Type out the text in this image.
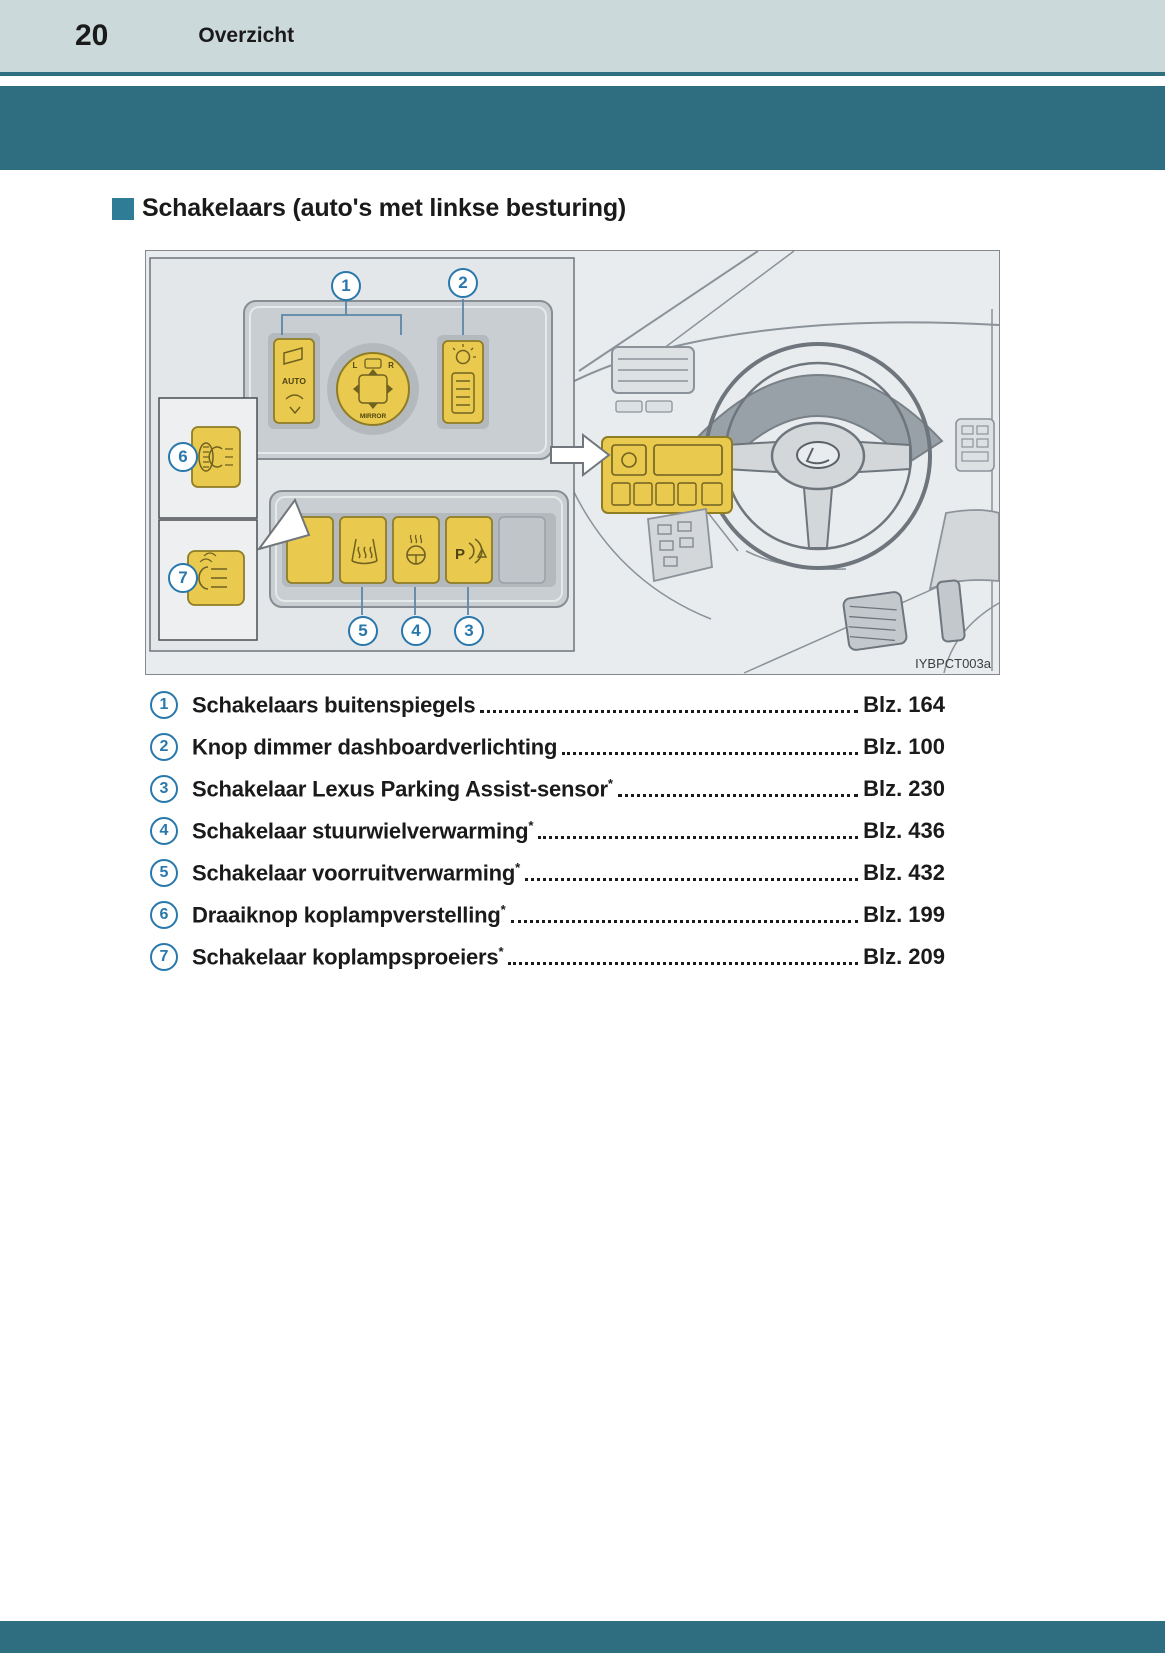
20	Overzicht
Schakelaars (auto's met linkse besturing)
AUTO
L	R
MIRROR
P
1	2
6
7
5	4	3
IYBPCT003a
1	Schakelaars buitenspiegels	Blz. 164
2	Knop dimmer dashboardverlichting	Blz. 100
3	Schakelaar Lexus Parking Assist-sensor*	Blz. 230
4	Schakelaar stuurwielverwarming*	Blz. 436
5	Schakelaar voorruitverwarming*	Blz. 432
6	Draaiknop koplampverstelling*	Blz. 199
7	Schakelaar koplampsproeiers*	Blz. 209
